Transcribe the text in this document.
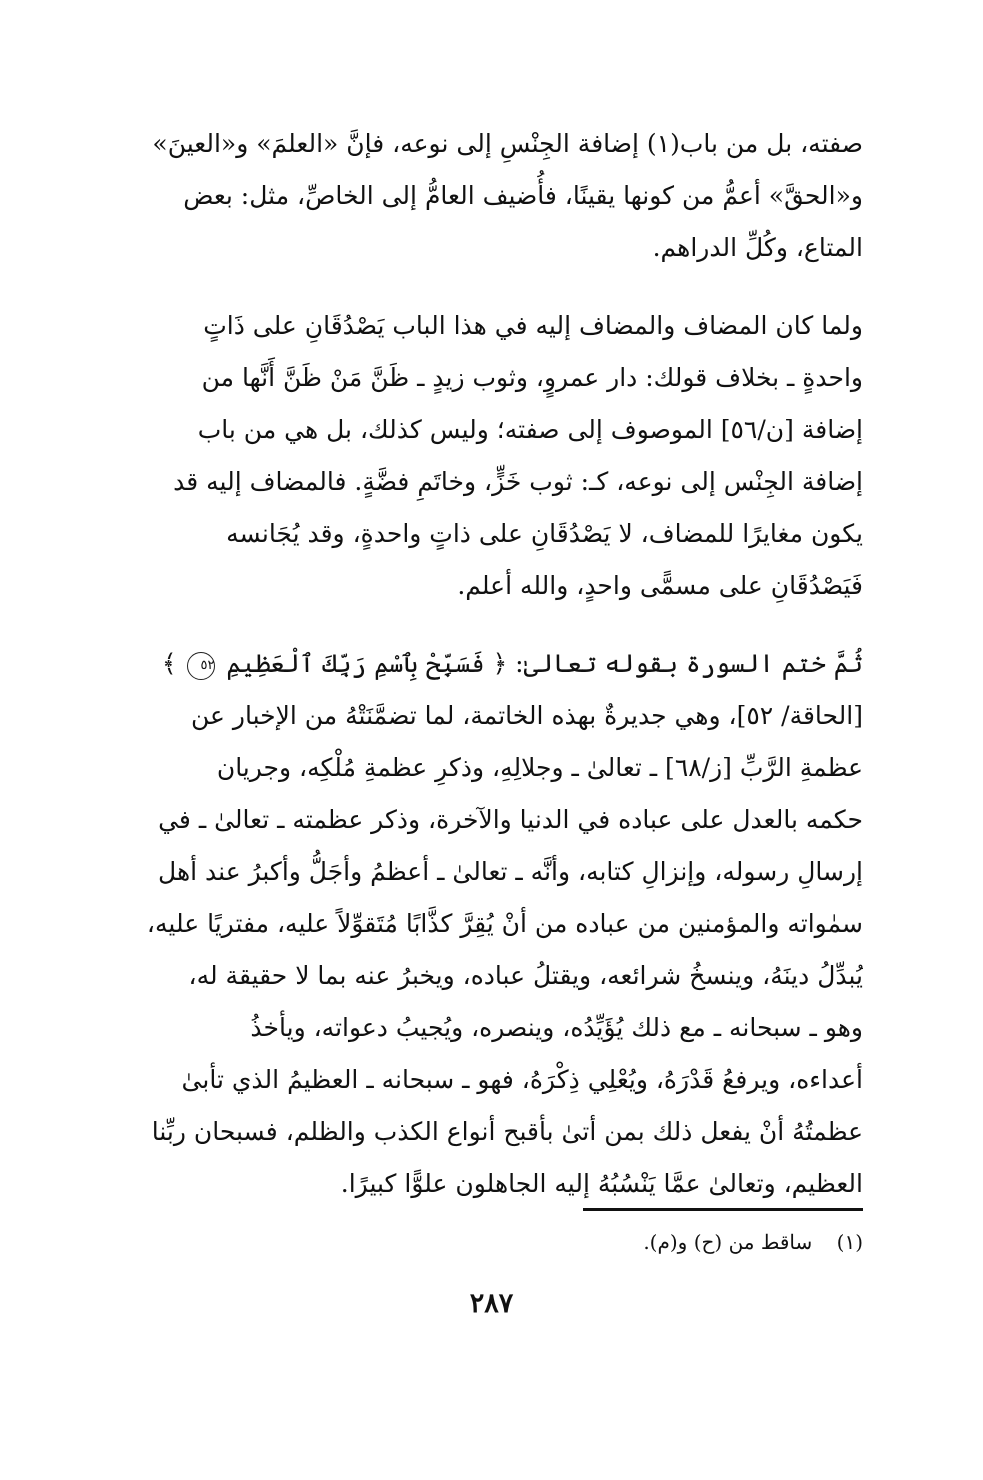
صفته، بل من باب(١) إضافة الجِنْسِ إلى نوعه، فإنَّ «العلمَ» و«العينَ»
و«الحقَّ» أعمُّ من كونها يقينًا، فأُضيف العامُّ إلى الخاصِّ، مثل: بعض
المتاع، وكُلِّ الدراهم.

ولما كان المضاف والمضاف إليه في هذا الباب يَصْدُقَانِ على ذَاتٍ
واحدةٍ ـ بخلاف قولك: دار عمروٍ، وثوب زيدٍ ـ ظَنَّ مَنْ ظَنَّ أَنَّها من
إضافة [ن/٥٦] الموصوف إلى صفته؛ وليس كذلك، بل هي من باب
إضافة الجِنْس إلى نوعه، كـ: ثوب خَزٍّ، وخاتَمِ فضَّةٍ. فالمضاف إليه قد
يكون مغايرًا للمضاف، لا يَصْدُقَانِ على ذاتٍ واحدةٍ، وقد يُجَانسه
فَيَصْدُقَانِ على مسمًّى واحدٍ، والله أعلم.

ثُمَّ ختم السورة بقوله تعالىٰ: ﴿ فَسَبِّحْ بِٱسْمِ رَبِّكَ ٱلْعَظِيمِ ٥٢ ﴾
[الحاقة/ ٥٢]، وهي جديرةٌ بهذه الخاتمة، لما تضمَّنَتْهُ من الإخبار عن
عظمةِ الرَّبِّ [ز/٦٨] ـ تعالىٰ ـ وجلالِهِ، وذكرِ عظمةِ مُلْكِه، وجريان
حكمه بالعدل على عباده في الدنيا والآخرة، وذكر عظمته ـ تعالىٰ ـ في
إرسالِ رسوله، وإنزالِ كتابه، وأنَّه ـ تعالىٰ ـ أعظمُ وأجَلُّ وأكبرُ عند أهل
سمٰواته والمؤمنين من عباده من أنْ يُقِرَّ كذَّابًا مُتَقوِّلاً عليه، مفتريًا عليه،
يُبدِّلُ دينَهُ، وينسخُ شرائعه، ويقتلُ عباده، ويخبرُ عنه بما لا حقيقة له،
وهو ـ سبحانه ـ مع ذلك يُؤَيِّدُه، وينصره، ويُجيبُ دعواته، ويأخذُ
أعداءه، ويرفعُ قَدْرَهُ، ويُعْلِي ذِكْرَهُ، فهو ـ سبحانه ـ العظيمُ الذي تأبىٰ
عظمتُهُ أنْ يفعل ذلك بمن أتىٰ بأقبح أنواع الكذب والظلم، فسبحان ربِّنا
العظيم، وتعالىٰ عمَّا يَنْسُبُهُ إليه الجاهلون علوًّا كبيرًا.

(١) ساقط من (ح) و(م).
٢٨٧
